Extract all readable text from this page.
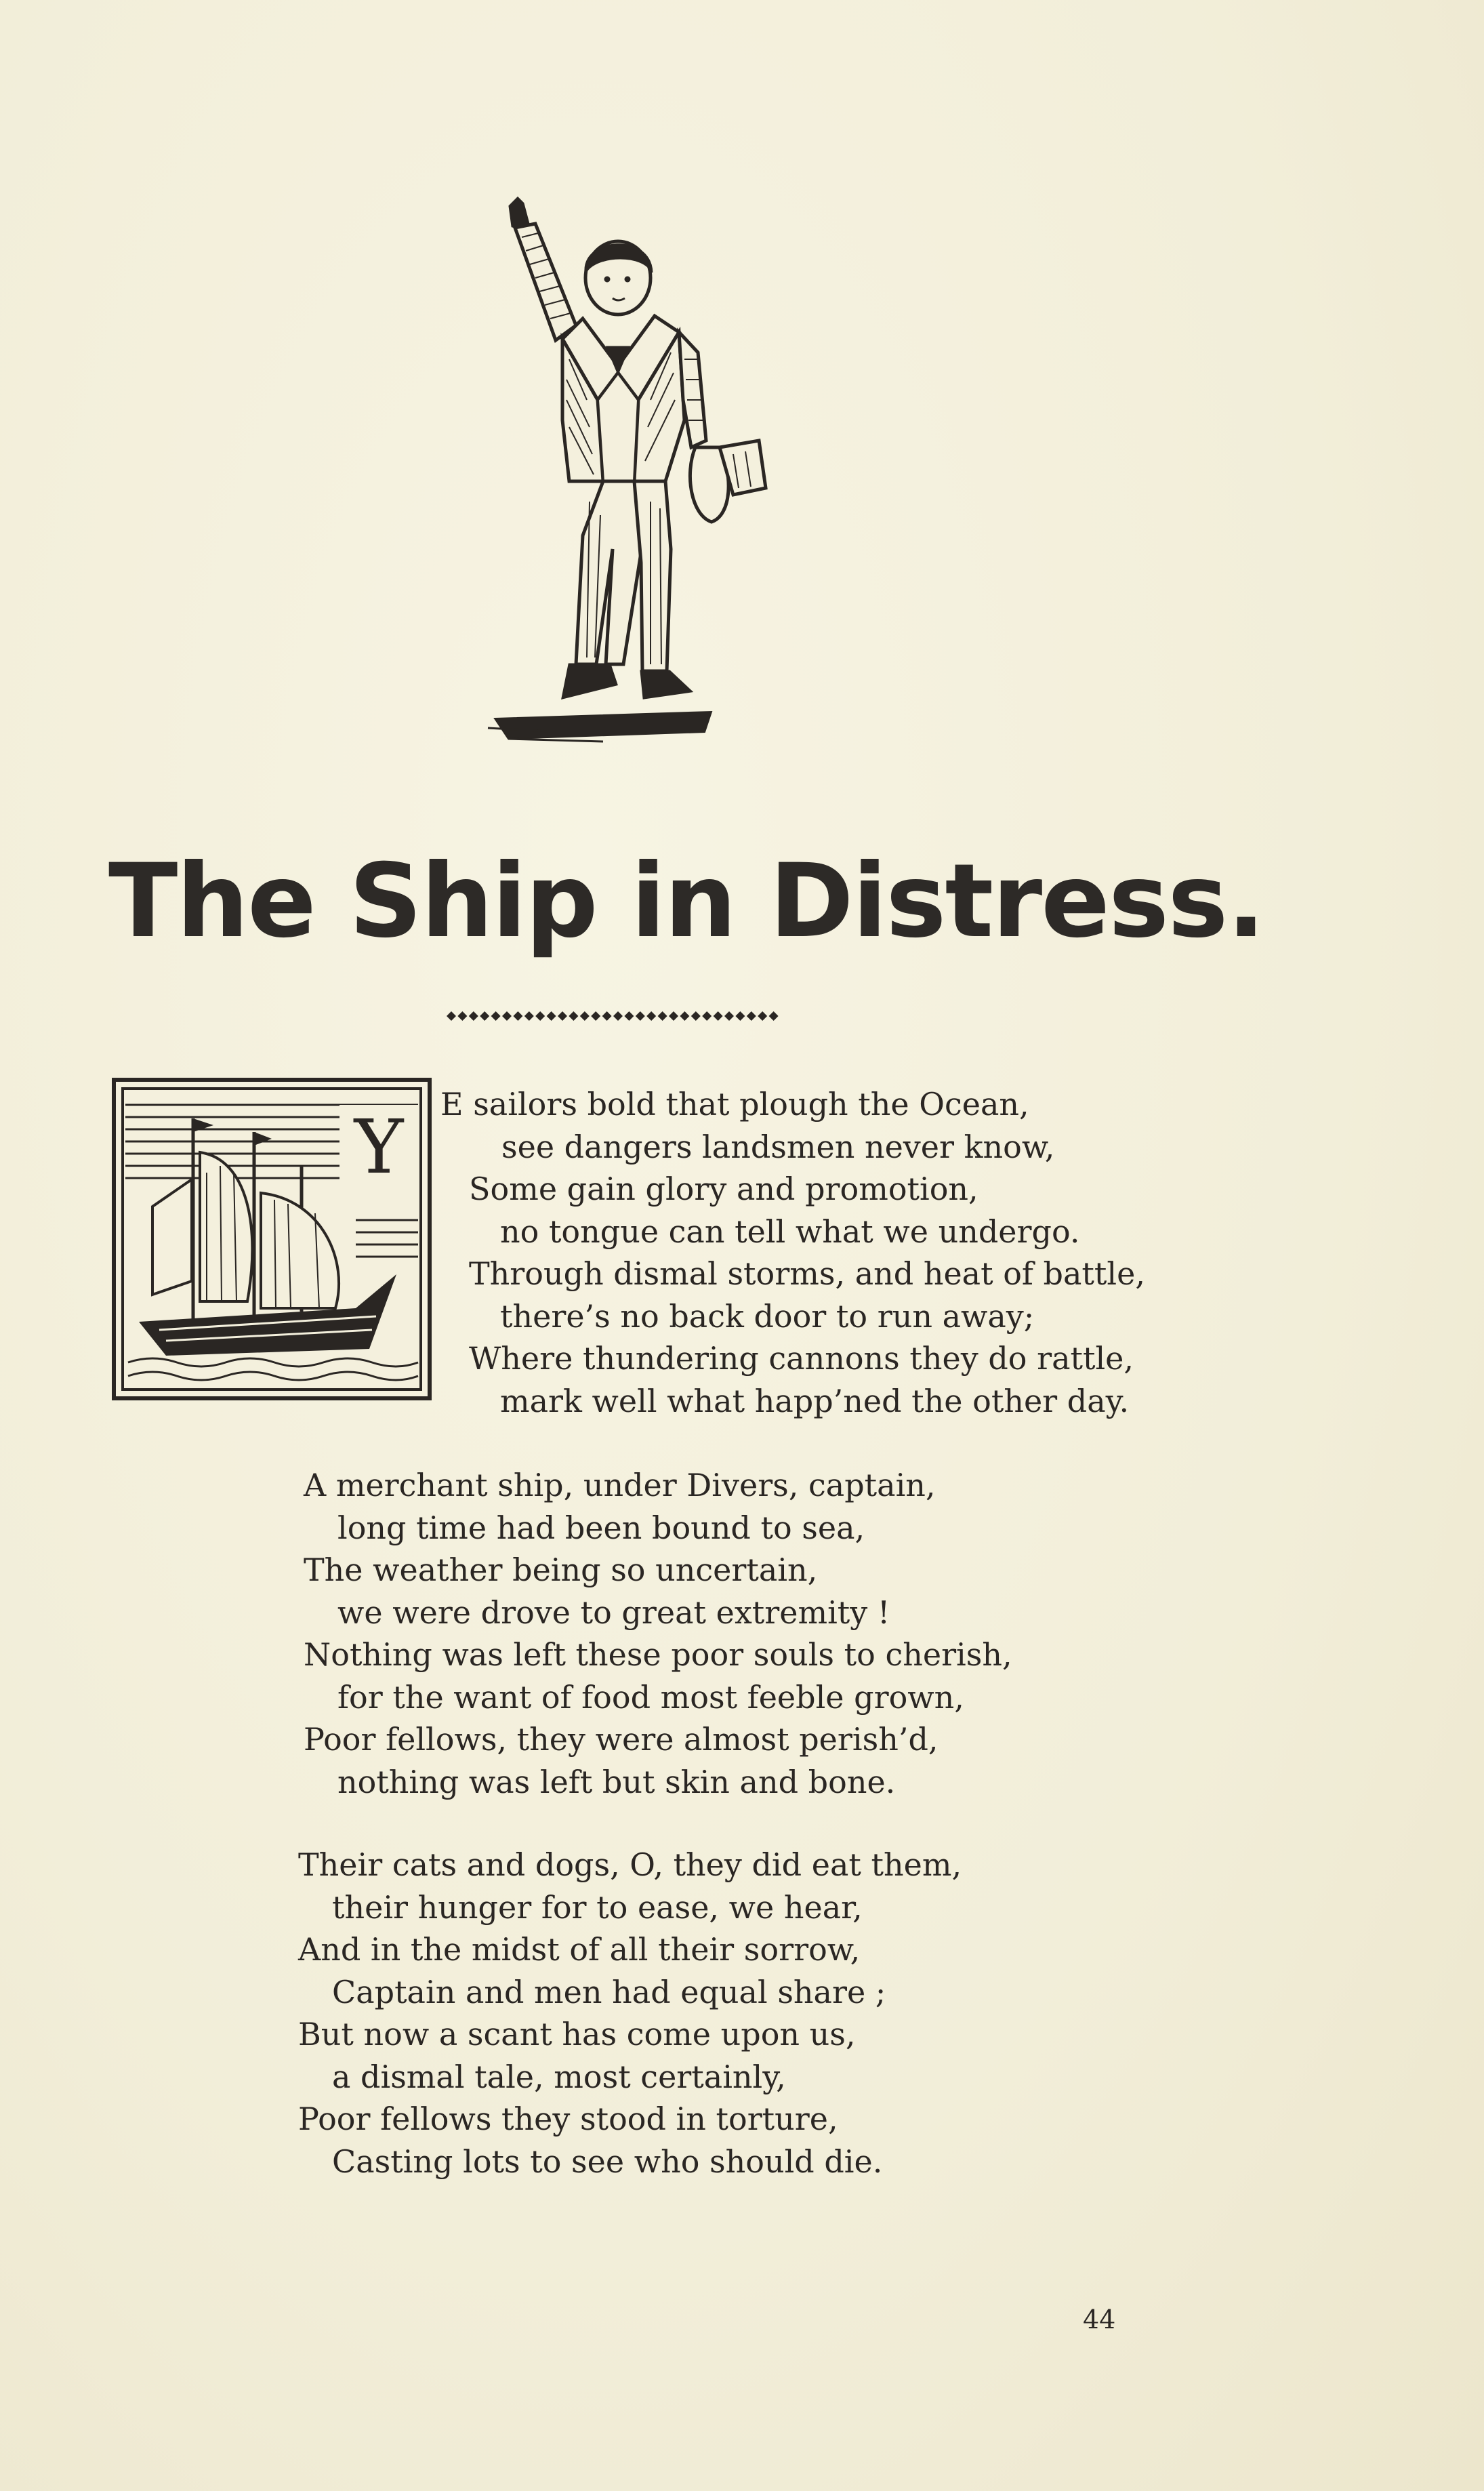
The Ship in Distress.
Y E sailors bold that plough the Ocean,
see dangers landsmen never know,
Some gain glory and promotion,
no tongue can tell what we undergo.
Through dismal storms, and heat of battle,
there’s no back door to run away;
Where thundering cannons they do rattle,
mark well what happ’ned the other day.
A merchant ship, under Divers, captain,
long time had been bound to sea,
The weather being so uncertain,
we were drove to great extremity !
Nothing was left these poor souls to cherish,
for the want of food most feeble grown,
Poor fellows, they were almost perish’d,
nothing was left but skin and bone.
Their cats and dogs, O, they did eat them,
their hunger for to ease, we hear,
And in the midst of all their sorrow,
Captain and men had equal share ;
But now a scant has come upon us,
a dismal tale, most certainly,
Poor fellows they stood in torture,
Casting lots to see who should die.
44
